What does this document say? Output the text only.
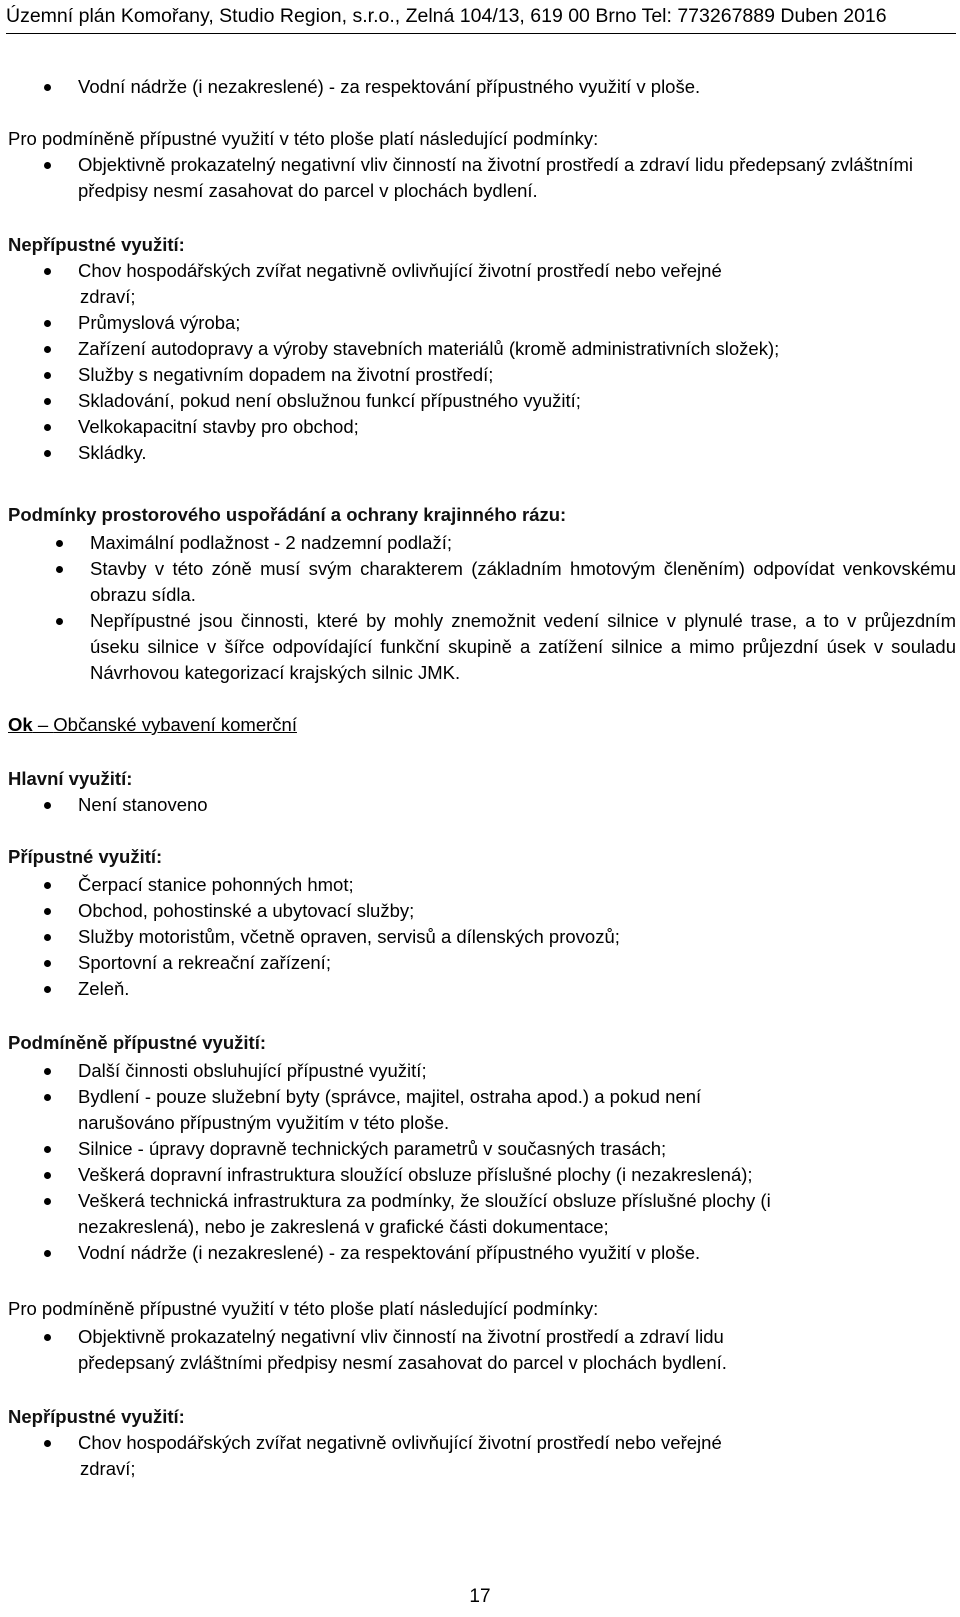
Územní plán Komořany, Studio Region, s.r.o., Zelná 104/13, 619 00 Brno Tel: 773267889 Duben 2016
Vodní nádrže (i nezakreslené) - za respektování přípustného využití v ploše.
Pro podmíněně přípustné využití v této ploše platí následující podmínky:
Objektivně prokazatelný negativní vliv činností na životní prostředí a zdraví lidu předepsaný zvláštními předpisy nesmí zasahovat do parcel v plochách bydlení.
Nepřípustné využití:
Chov hospodářských zvířat negativně ovlivňující životní prostředí nebo veřejné
zdraví;
Průmyslová výroba;
Zařízení autodopravy a výroby stavebních materiálů (kromě administrativních složek);
Služby s negativním dopadem na životní prostředí;
Skladování, pokud není obslužnou funkcí přípustného využití;
Velkokapacitní stavby pro obchod;
Skládky.
Podmínky prostorového uspořádání a ochrany krajinného rázu:
Maximální podlažnost - 2 nadzemní podlaží;
Stavby v této zóně musí svým charakterem (základním hmotovým členěním) odpovídat venkovskému obrazu sídla.
Nepřípustné jsou činnosti, které by mohly znemožnit vedení silnice v plynulé trase, a to v průjezdním úseku silnice v šířce odpovídající funkční skupině a zatížení silnice a mimo průjezdní úsek v souladu Návrhovou kategorizací krajských silnic JMK.
Ok – Občanské vybavení komerční
Hlavní využití:
Není stanoveno
Přípustné využití:
Čerpací stanice pohonných hmot;
Obchod, pohostinské a ubytovací služby;
Služby motoristům, včetně opraven, servisů a dílenských provozů;
Sportovní a rekreační zařízení;
Zeleň.
Podmíněně přípustné využití:
Další činnosti obsluhující přípustné využití;
Bydlení - pouze služební byty (správce, majitel, ostraha apod.) a pokud není
narušováno přípustným využitím v této ploše.
Silnice - úpravy dopravně technických parametrů v současných trasách;
Veškerá dopravní infrastruktura sloužící obsluze příslušné plochy (i nezakreslená);
Veškerá technická infrastruktura za podmínky, že sloužící obsluze příslušné plochy (i
nezakreslená), nebo je zakreslená v grafické části dokumentace;
Vodní nádrže (i nezakreslené) - za respektování přípustného využití v ploše.
Pro podmíněně přípustné využití v této ploše platí následující podmínky:
Objektivně prokazatelný negativní vliv činností na životní prostředí a zdraví lidu
předepsaný zvláštními předpisy nesmí zasahovat do parcel v plochách bydlení.
Nepřípustné využití:
Chov hospodářských zvířat negativně ovlivňující životní prostředí nebo veřejné
zdraví;
17
